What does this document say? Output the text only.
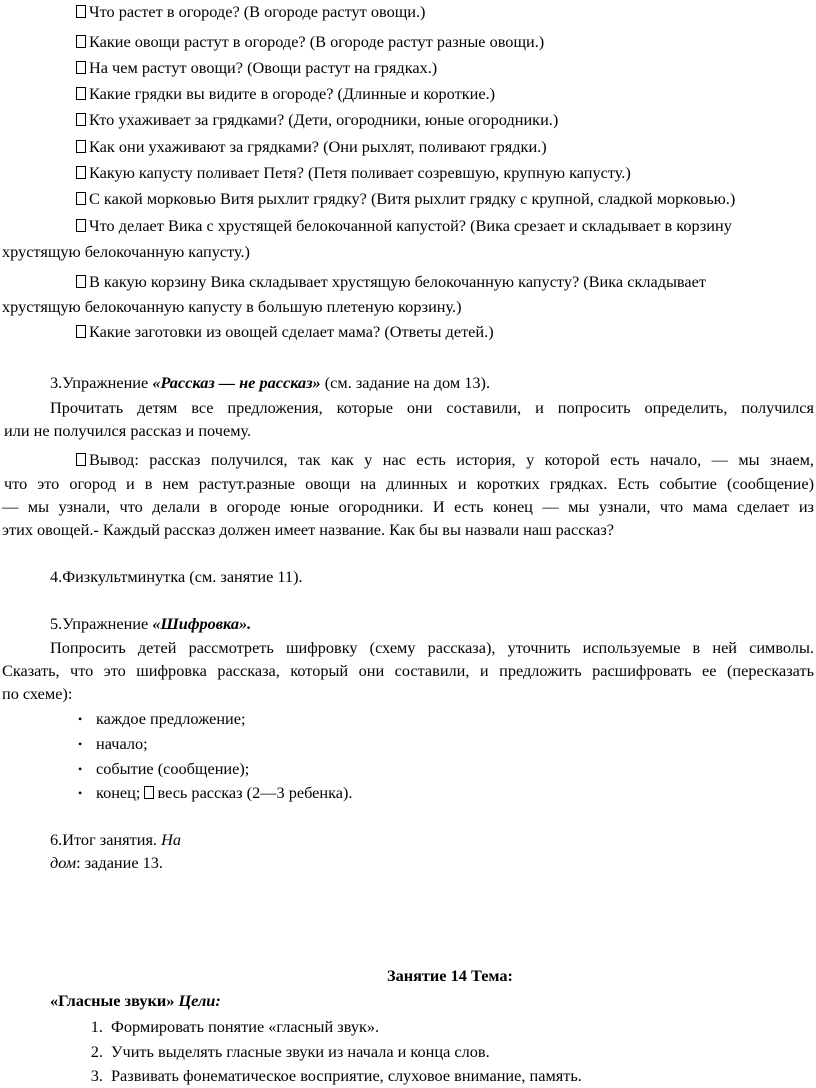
Что растет в огороде? (В огороде растут овощи.)
Какие овощи растут в огороде? (В огороде растут разные овощи.)
На чем растут овощи? (Овощи растут на грядках.)
Какие грядки вы видите в огороде? (Длинные и короткие.)
Кто ухаживает за грядками? (Дети, огородники, юные огородники.)
Как они ухаживают за грядками? (Они рыхлят, поливают грядки.)
Какую капусту поливает Петя? (Петя поливает созревшую, крупную капусту.)
С какой морковью Витя рыхлит грядку? (Витя рыхлит грядку с крупной, сладкой морковью.)
Что делает Вика с хрустящей белокочанной капустой? (Вика срезает и складывает в корзину
хрустящую белокочанную капусту.)
В какую корзину Вика складывает хрустящую белокочанную капусту? (Вика складывает
хрустящую белокочанную капусту в большую плетеную корзину.)
Какие заготовки из овощей сделает мама? (Ответы детей.)
3.Упражнение «Рассказ — не рассказ» (см. задание на дом 13).
Прочитать детям все предложения, которые они составили, и попросить определить, получился
или не получился рассказ и почему.
Вывод: рассказ получился, так как у нас есть история, у которой есть начало, — мы знаем,
что это огород и в нем растут.разные овощи на длинных и коротких грядках. Есть событие (сообщение)
— мы узнали, что делали в огороде юные огородники. И есть конец — мы узнали, что мама сделает из
этих овощей.- Каждый рассказ должен имеет название. Как бы вы назвали наш рассказ?
4.Физкультминутка (см. занятие 11).
5.Упражнение «Шифровка».
Попросить детей рассмотреть шифровку (схему рассказа), уточнить используемые в ней символы.
Сказать, что это шифровка рассказа, который они составили, и предложить расшифровать ее (пересказать
по схеме):
• каждое предложение;
• начало;
• событие (сообщение);
• конец; весь рассказ (2—3 ребенка).
6.Итог занятия. На
дом: задание 13.
Занятие 14 Тема:
«Гласные звуки» Цели:
1. Формировать понятие «гласный звук».
2. Учить выделять гласные звуки из начала и конца слов.
3. Развивать фонематическое восприятие, слуховое внимание, память.
